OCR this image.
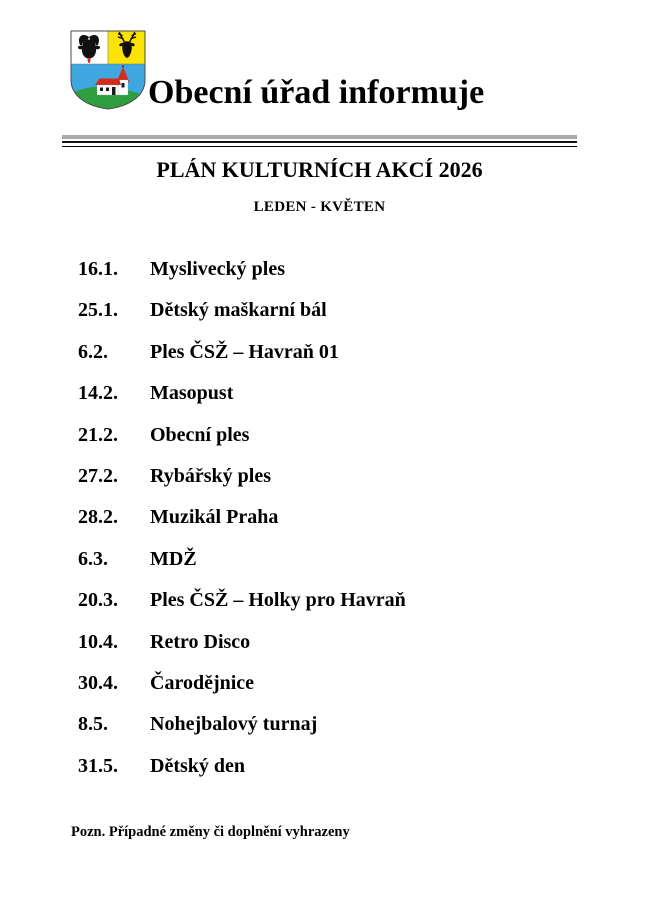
Obecní úřad informuje
PLÁN KULTURNÍCH AKCÍ 2026
LEDEN - KVĚTEN
16.1.	Myslivecký ples
25.1.	Dětský maškarní bál
6.2.	Ples ČSŽ – Havraň 01
14.2.	Masopust
21.2.	Obecní ples
27.2.	Rybářský ples
28.2.	Muzikál Praha
6.3.	MDŽ
20.3.	Ples ČSŽ – Holky pro Havraň
10.4.	Retro Disco
30.4.	Čarodějnice
8.5.	Nohejbalový turnaj
31.5.	Dětský den
Pozn. Případné změny či doplnění vyhrazeny
